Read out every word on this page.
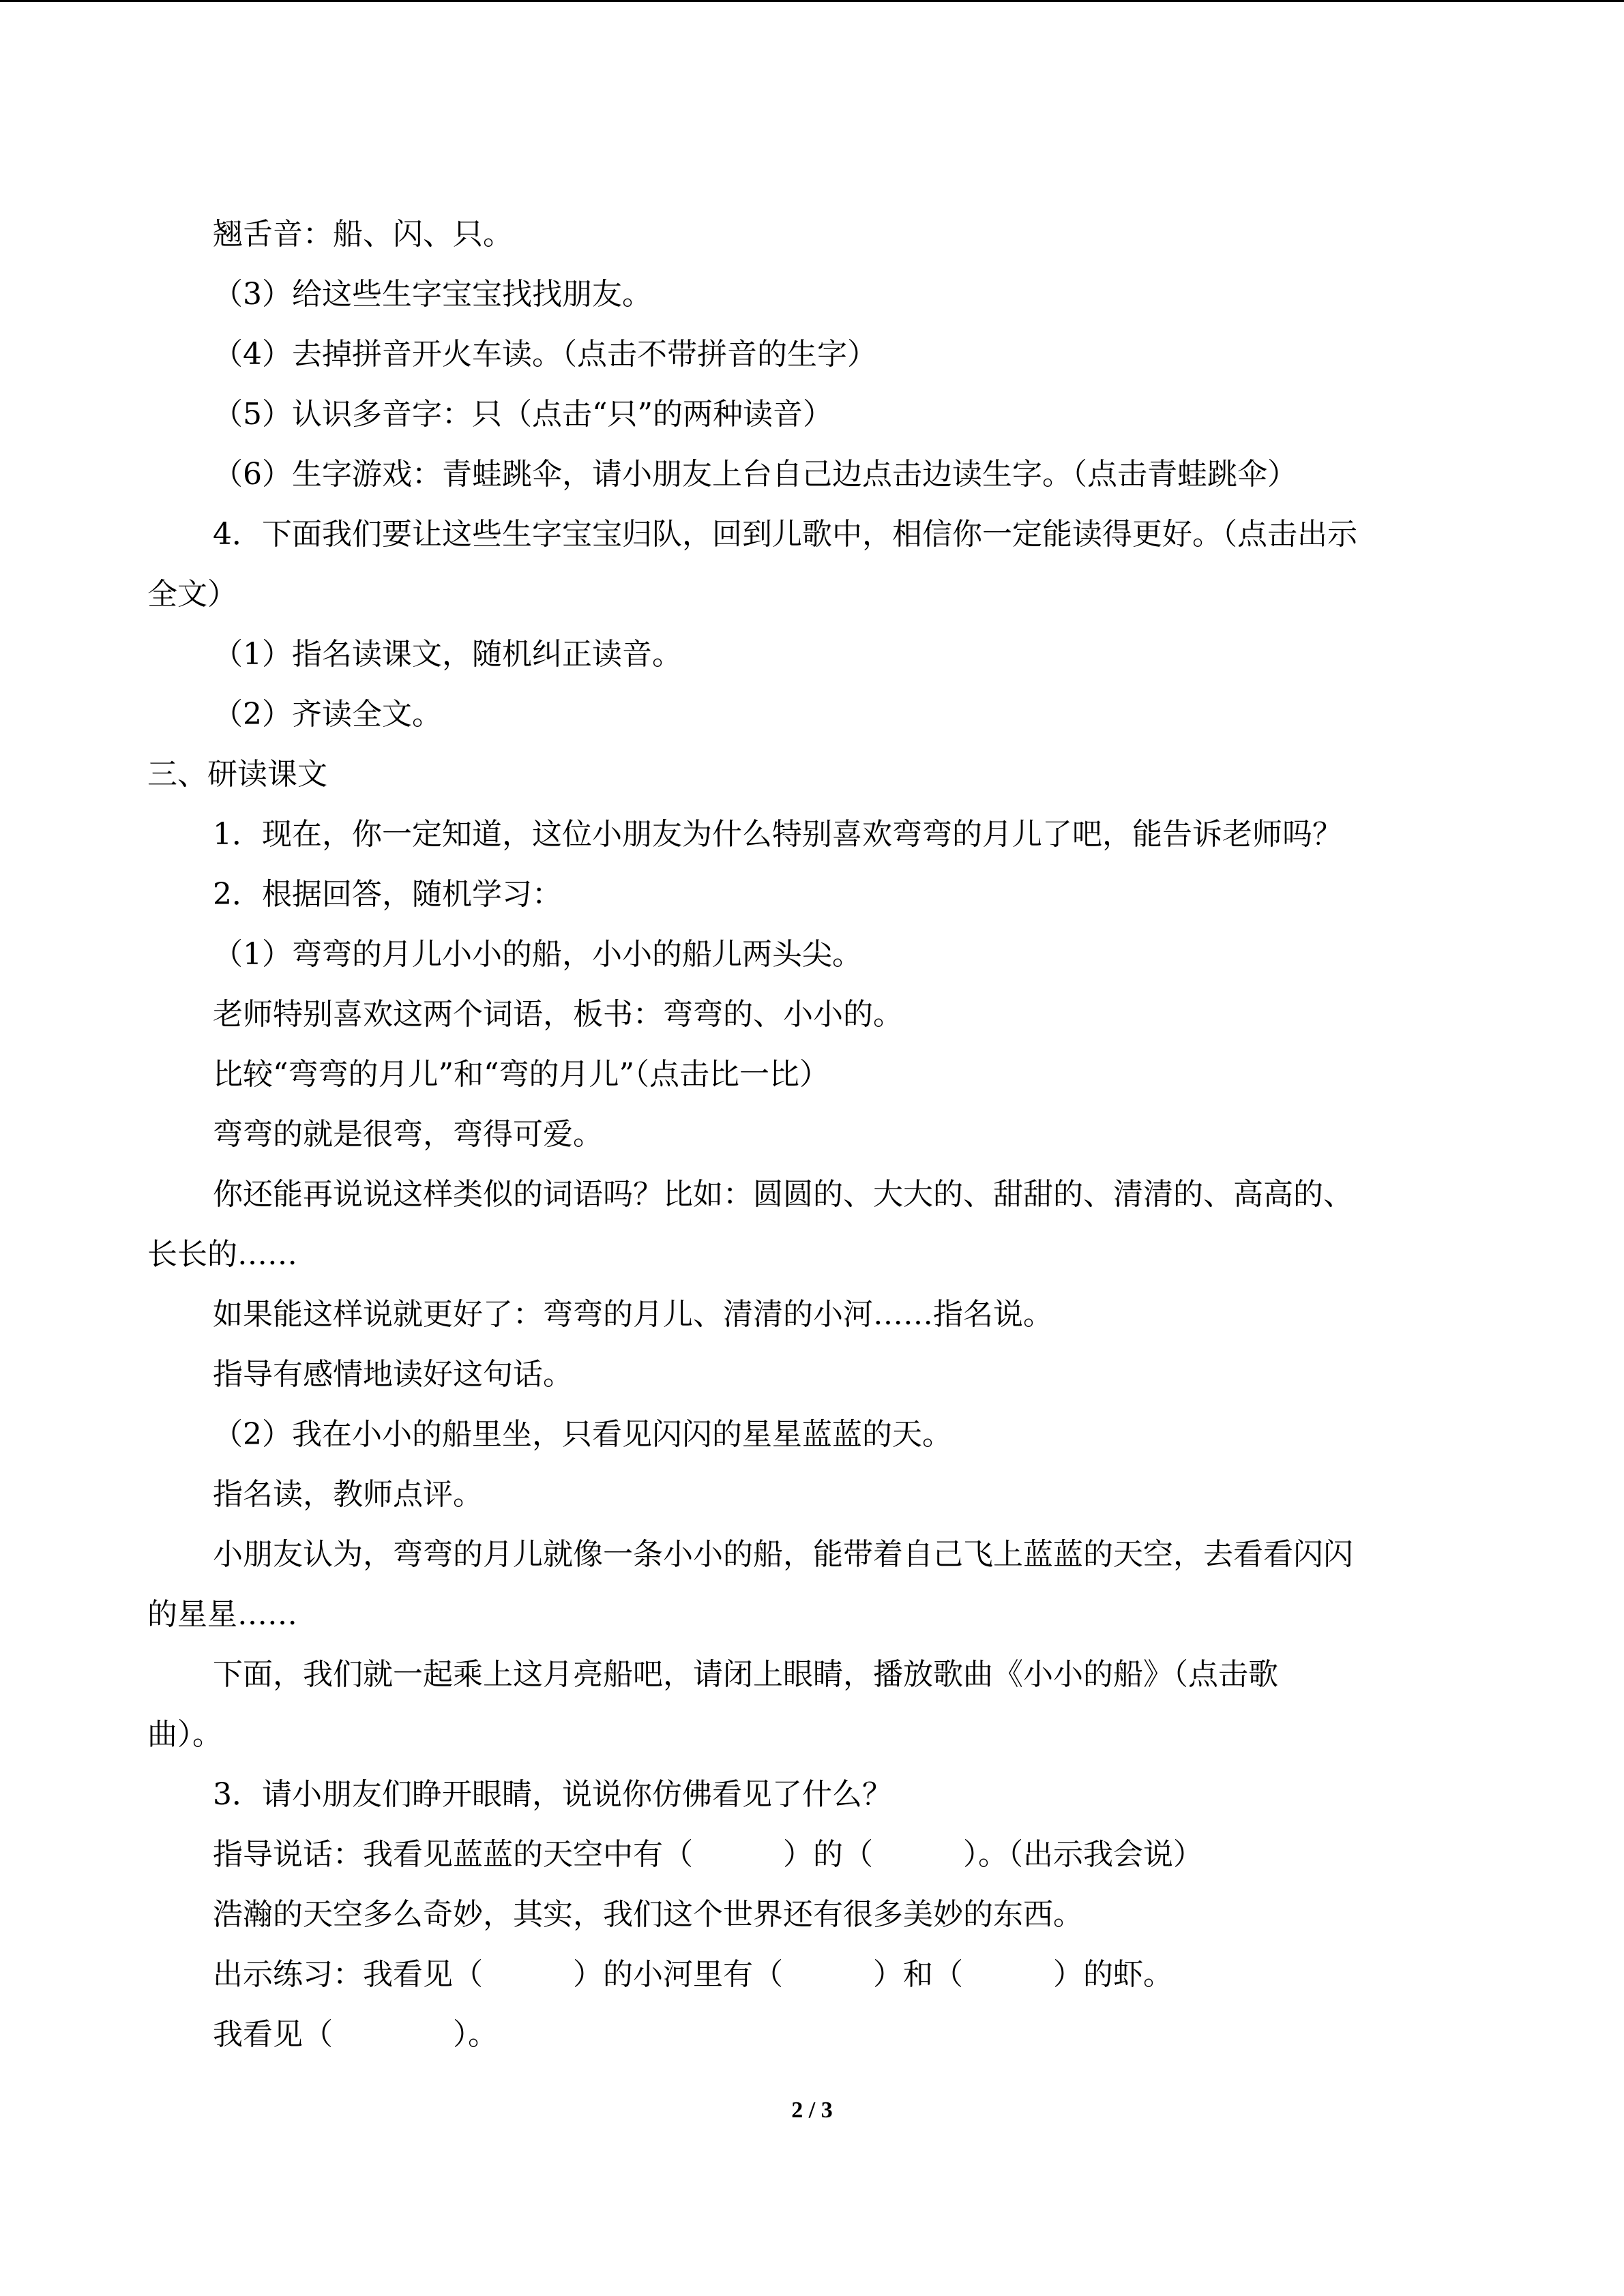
翘舌音：船、闪、只。
（3）给这些生字宝宝找找朋友。
（4）去掉拼音开火车读。（点击不带拼音的生字）
（5）认识多音字：只（点击“只”的两种读音）
（6）生字游戏：青蛙跳伞，请小朋友上台自己边点击边读生字。（点击青蛙跳伞）
4．下面我们要让这些生字宝宝归队，回到儿歌中，相信你一定能读得更好。（点击出示
全文）
（1）指名读课文，随机纠正读音。
（2）齐读全文。
三、研读课文
1．现在，你一定知道，这位小朋友为什么特别喜欢弯弯的月儿了吧，能告诉老师吗？
2．根据回答，随机学习：
（1）弯弯的月儿小小的船，小小的船儿两头尖。
老师特别喜欢这两个词语，板书：弯弯的、小小的。
比较“弯弯的月儿”和“弯的月儿”（点击比一比）
弯弯的就是很弯，弯得可爱。
你还能再说说这样类似的词语吗？比如：圆圆的、大大的、甜甜的、清清的、高高的、
长长的……
如果能这样说就更好了：弯弯的月儿、清清的小河……指名说。
指导有感情地读好这句话。
（2）我在小小的船里坐，只看见闪闪的星星蓝蓝的天。
指名读，教师点评。
小朋友认为，弯弯的月儿就像一条小小的船，能带着自己飞上蓝蓝的天空，去看看闪闪
的星星……
下面，我们就一起乘上这月亮船吧，请闭上眼睛，播放歌曲《小小的船》（点击歌
曲）。
3．请小朋友们睁开眼睛，说说你仿佛看见了什么？
指导说话：我看见蓝蓝的天空中有（　　　）的（　　　）。（出示我会说）
浩瀚的天空多么奇妙，其实，我们这个世界还有很多美妙的东西。
出示练习：我看见（　　　）的小河里有（　　　）和（　　　）的虾。
我看见（　　　　）。
2 / 3
